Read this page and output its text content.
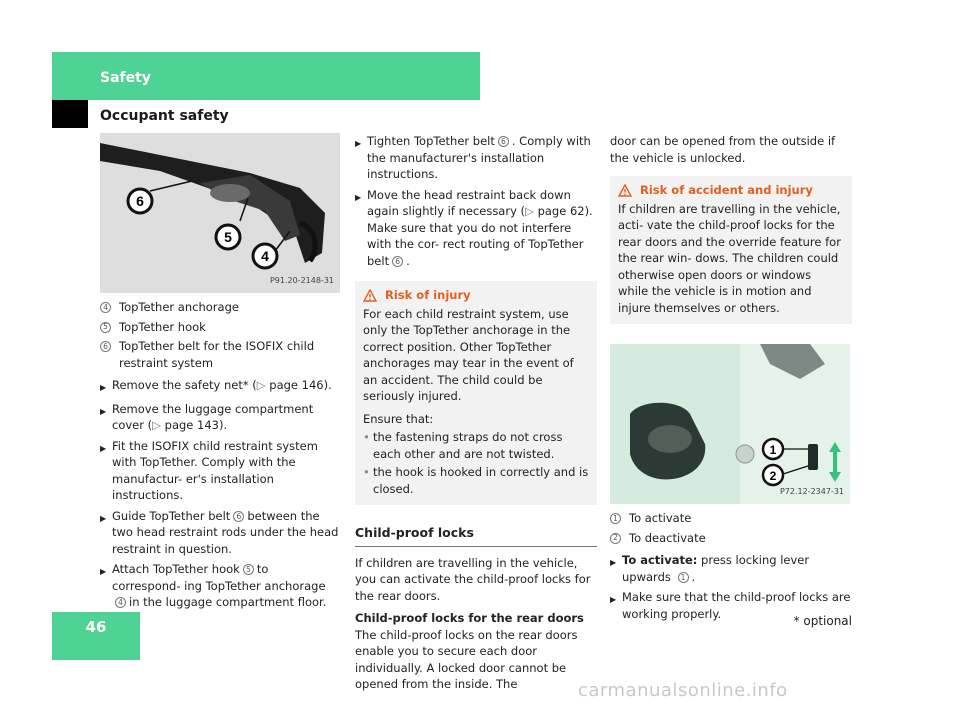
Safety
Occupant safety
6
5
4
P91.20-2148-31
4 TopTether anchorage
5 TopTether hook
6 TopTether belt for the ISOFIX child restraint system
▶ Remove the safety net* (▷ page 146).
▶ Remove the luggage compartment cover (▷ page 143).
▶ Fit the ISOFIX child restraint system with TopTether. Comply with the manufactur- er's installation instructions.
▶ Guide TopTether belt 6 between the two head restraint rods under the head restraint in question.
▶ Attach TopTether hook 5 to correspond- ing TopTether anchorage4 in the luggage compartment floor.
▶ Tighten TopTether belt 6 . Comply with the manufacturer's installation instructions.
▶ Move the head restraint back down again slightly if necessary (▷ page 62). Make sure that you do not interfere with the cor- rect routing of TopTether belt 6 .
Risk of injury
For each child restraint system, use only the TopTether anchorage in the correct position. Other TopTether anchorages may tear in the event of an accident. The child could be seriously injured.
Ensure that:
• the fastening straps do not cross each other and are not twisted.
• the hook is hooked in correctly and is closed.
Child-proof locks
If children are travelling in the vehicle, you can activate the child-proof locks for the rear doors.
Child-proof locks for the rear doors
The child-proof locks on the rear doors enable you to secure each door individually. A locked door cannot be opened from the inside. The
door can be opened from the outside if the vehicle is unlocked.
Risk of accident and injury
If children are travelling in the vehicle, acti- vate the child-proof locks for the rear doors and the override feature for the rear win- dows. The children could otherwise open doors or windows while the vehicle is in motion and injure themselves or others.
1
2
P72.12-2347-31
1 To activate
2 To deactivate
▶ To activate: press locking lever upwards 1 .
▶ Make sure that the child-proof locks are working properly.
46	* optional
carmanualsonline.info
